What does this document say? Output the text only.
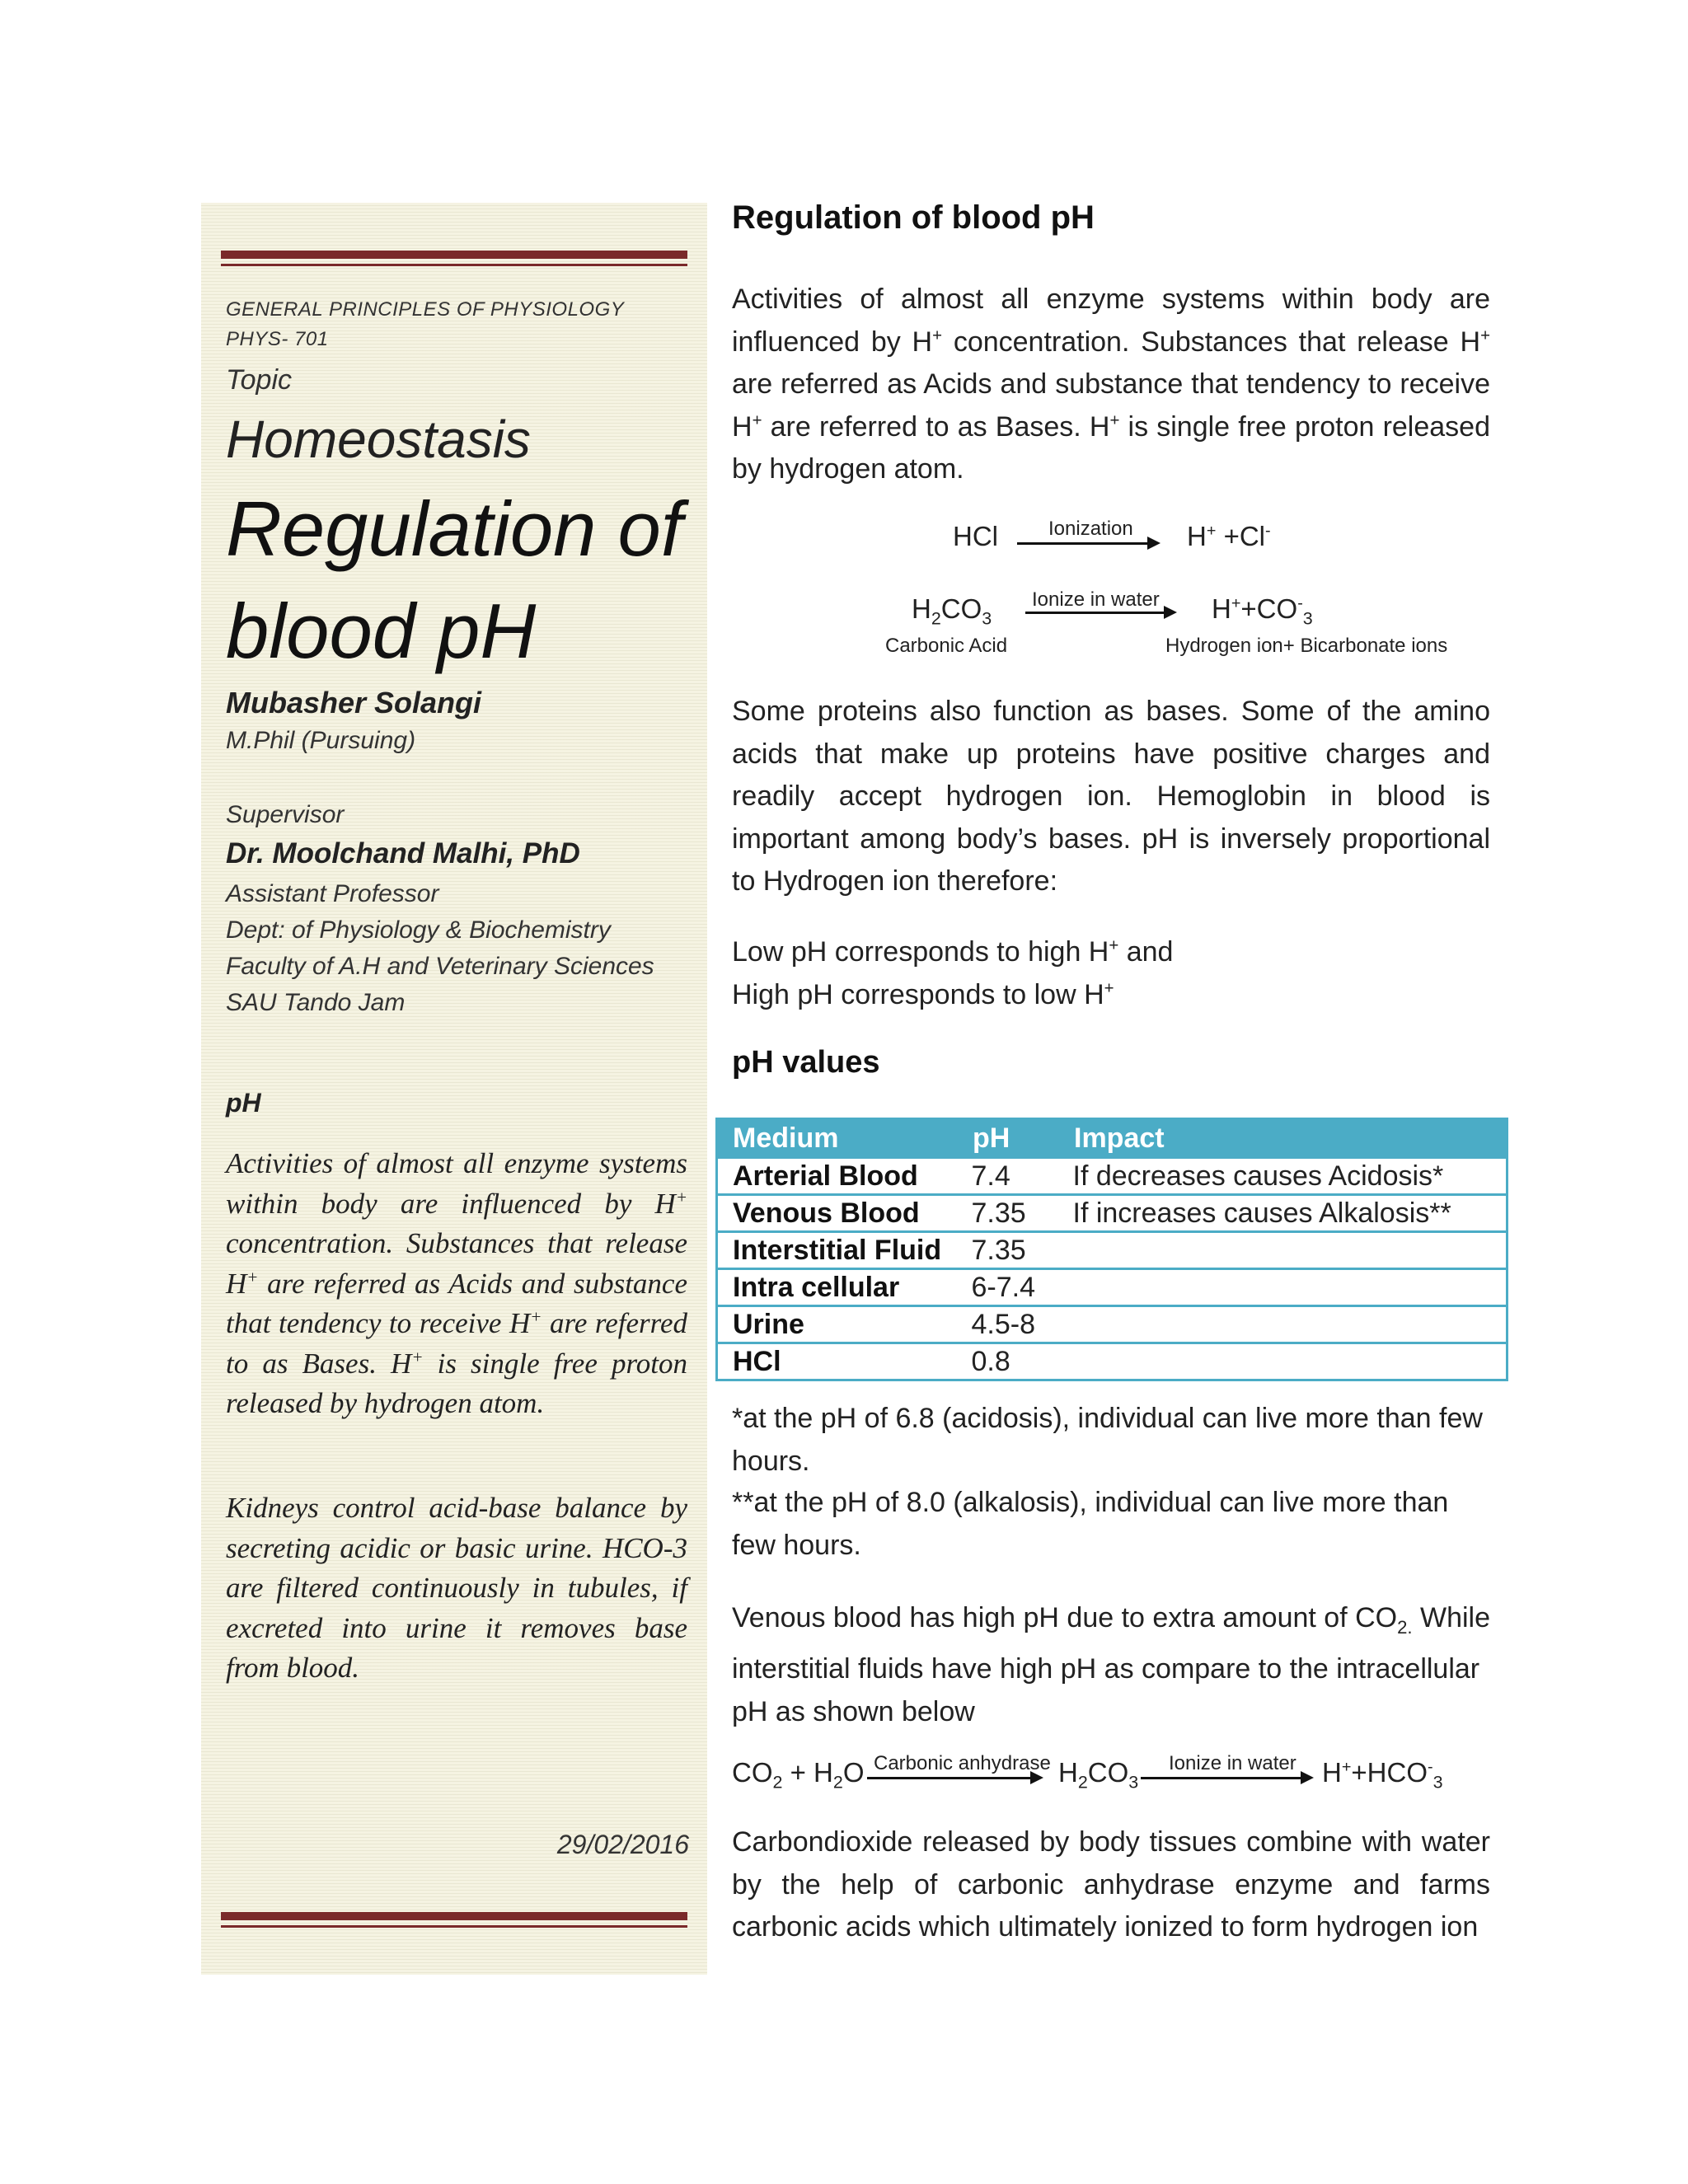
GENERAL PRINCIPLES OF PHYSIOLOGY
PHYS- 701
Topic
Homeostasis
Regulation of
blood pH
Mubasher Solangi
M.Phil (Pursuing)
Supervisor
Dr. Moolchand Malhi, PhD
Assistant Professor
Dept: of Physiology & Biochemistry
Faculty of A.H and Veterinary Sciences
SAU Tando Jam
pH

Activities of almost all enzyme systems within body are influenced by H+ concentration. Substances that release H+ are referred as Acids and substance that tendency to receive H+ are referred to as Bases. H+ is single free proton released by hydrogen atom.

Kidneys control acid-base balance by secreting acidic or basic urine. HCO-3 are filtered continuously in tubules, if excreted into urine it removes base from blood.

29/02/2016
Regulation of blood pH

Activities of almost all enzyme systems within body are influenced by H+ concentration. Substances that release H+ are referred as Acids and substance that tendency to receive H+ are referred to as Bases. H+ is single free proton released by hydrogen atom.

HCl	Ionization H+ +Cl-
$H_2CO_3$
Ionize in water $H^++CO^-_3$
Carbonic Acid	Hydrogen ion+ Bicarbonate ions

Some proteins also function as bases. Some of the amino acids that make up proteins have positive charges and readily accept hydrogen ion. Hemoglobin in blood is important among body’s bases. pH is inversely proportional to Hydrogen ion therefore:

Low pH corresponds to high H+ and
High pH corresponds to low H+
pH values
Medium	pH	Impact
Arterial Blood	7.4	If decreases causes Acidosis*
Venous Blood	7.35	If increases causes Alkalosis**
Interstitial Fluid	7.35	
Intra cellular	6-7.4	
Urine	4.5-8	
HCl	0.8	

*at the pH of 6.8 (acidosis), individual can live more than few hours.

**at the pH of 8.0 (alkalosis), individual can live more than few hours.

Venous blood has high pH due to extra amount of $CO_{2.}$ While interstitial fluids have high pH as compare to the intracellular pH as shown below

$CO_2 + H_2O$ Carbonic anhydrase $H_2CO_3$
Ionize in water $H^++HCO^-_3$

Carbondioxide released by body tissues combine with water by the help of carbonic anhydrase enzyme and farms carbonic acids which ultimately ionized to form hydrogen ion
